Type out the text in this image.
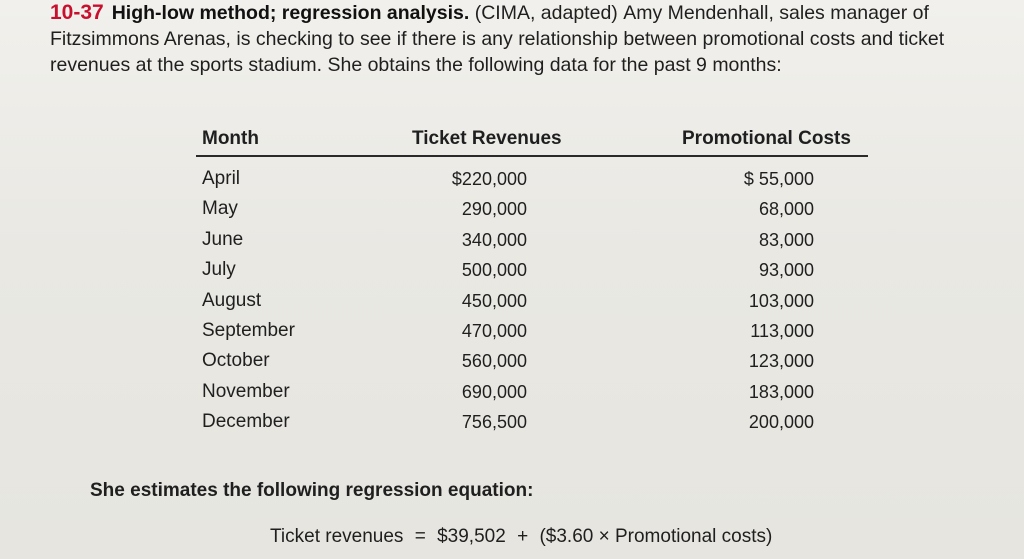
10-37 High-low method; regression analysis. (CIMA, adapted) Amy Mendenhall, sales manager of Fitzsimmons Arenas, is checking to see if there is any relationship between promotional costs and ticket revenues at the sports stadium. She obtains the following data for the past 9 months:
Month	Ticket Revenues	Promotional Costs
April
May
June
July
August
September
October
November
December
$220,000
290,000
340,000
500,000
450,000
470,000
560,000
690,000
756,500
$ 55,000
68,000
83,000
93,000
103,000
113,000
123,000
183,000
200,000
She estimates the following regression equation:
Ticket revenues = $39,502 + ($3.60 × Promotional costs)
